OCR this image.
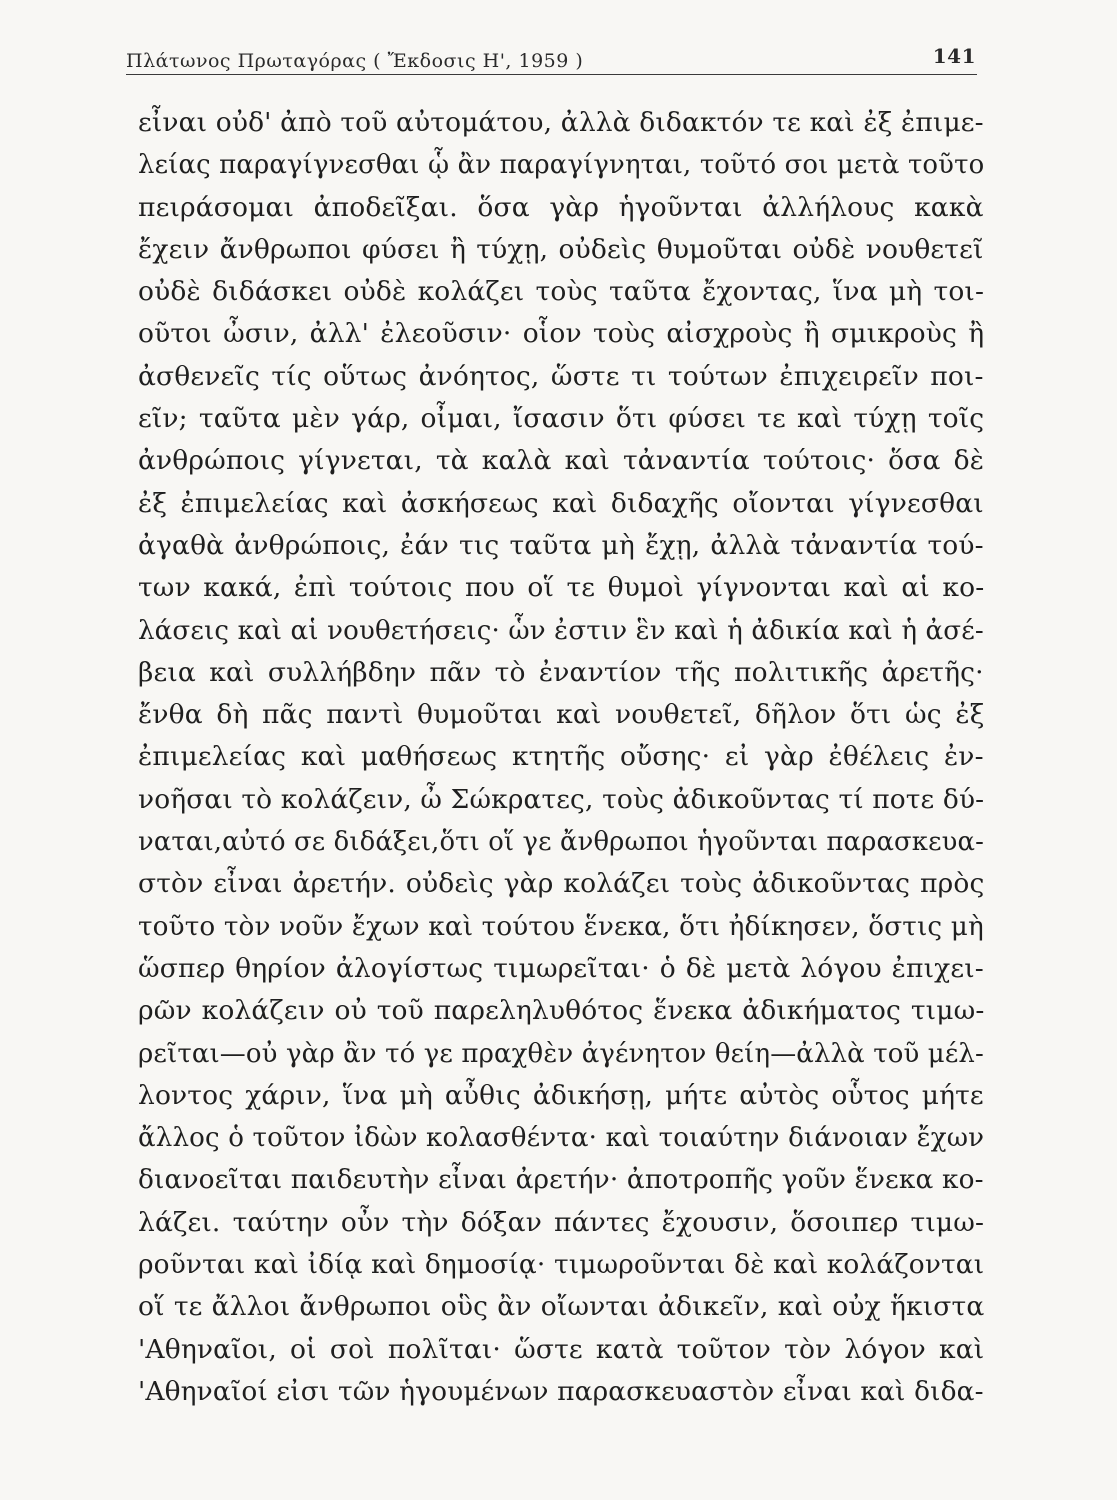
Πλάτωνος Πρωταγόρας ( Ἔκδοσις Η', 1959 )	141
εἶναι οὐδ' ἀπὸ τοῦ αὐτομάτου, ἀλλὰ διδακτόν τε καὶ ἐξ ἐπιμε-
λείας παραγίγνεσθαι ᾧ ἂν παραγίγνηται, τοῦτό σοι μετὰ τοῦτο
πειράσομαι ἀποδεῖξαι. ὅσα γὰρ ἡγοῦνται ἀλλήλους κακὰ
ἔχειν ἄνθρωποι φύσει ἢ τύχῃ, οὐδεὶς θυμοῦται οὐδὲ νουθετεῖ
οὐδὲ διδάσκει οὐδὲ κολάζει τοὺς ταῦτα ἔχοντας, ἵνα μὴ τοι-
οῦτοι ὦσιν, ἀλλ' ἐλεοῦσιν· οἷον τοὺς αἰσχροὺς ἢ σμικροὺς ἢ
ἀσθενεῖς τίς οὕτως ἀνόητος, ὥστε τι τούτων ἐπιχειρεῖν ποι-
εῖν; ταῦτα μὲν γάρ, οἶμαι, ἴσασιν ὅτι φύσει τε καὶ τύχῃ τοῖς
ἀνθρώποις γίγνεται, τὰ καλὰ καὶ τἀναντία τούτοις· ὅσα δὲ
ἐξ ἐπιμελείας καὶ ἀσκήσεως καὶ διδαχῆς οἴονται γίγνεσθαι
ἀγαθὰ ἀνθρώποις, ἐάν τις ταῦτα μὴ ἔχῃ, ἀλλὰ τἀναντία τού-
των κακά, ἐπὶ τούτοις που οἵ τε θυμοὶ γίγνονται καὶ αἱ κο-
λάσεις καὶ αἱ νουθετήσεις· ὧν ἐστιν ἓν καὶ ἡ ἀδικία καὶ ἡ ἀσέ-
βεια καὶ συλλήβδην πᾶν τὸ ἐναντίον τῆς πολιτικῆς ἀρετῆς·
ἔνθα δὴ πᾶς παντὶ θυμοῦται καὶ νουθετεῖ, δῆλον ὅτι ὡς ἐξ
ἐπιμελείας καὶ μαθήσεως κτητῆς οὔσης· εἰ γὰρ ἐθέλεις ἐν-
νοῆσαι τὸ κολάζειν, ὦ Σώκρατες, τοὺς ἀδικοῦντας τί ποτε δύ-
ναται,αὐτό σε διδάξει,ὅτι οἵ γε ἄνθρωποι ἡγοῦνται παρασκευα-
στὸν εἶναι ἀρετήν. οὐδεὶς γὰρ κολάζει τοὺς ἀδικοῦντας πρὸς
τοῦτο τὸν νοῦν ἔχων καὶ τούτου ἕνεκα, ὅτι ἠδίκησεν, ὅστις μὴ
ὥσπερ θηρίον ἀλογίστως τιμωρεῖται· ὁ δὲ μετὰ λόγου ἐπιχει-
ρῶν κολάζειν οὐ τοῦ παρεληλυθότος ἕνεκα ἀδικήματος τιμω-
ρεῖται—οὐ γὰρ ἂν τό γε πραχθὲν ἀγένητον θείη—ἀλλὰ τοῦ μέλ-
λοντος χάριν, ἵνα μὴ αὖθις ἀδικήσῃ, μήτε αὐτὸς οὗτος μήτε
ἄλλος ὁ τοῦτον ἰδὼν κολασθέντα· καὶ τοιαύτην διάνοιαν ἔχων
διανοεῖται παιδευτὴν εἶναι ἀρετήν· ἀποτροπῆς γοῦν ἕνεκα κο-
λάζει. ταύτην οὖν τὴν δόξαν πάντες ἔχουσιν, ὅσοιπερ τιμω-
ροῦνται καὶ ἰδίᾳ καὶ δημοσίᾳ· τιμωροῦνται δὲ καὶ κολάζονται
οἵ τε ἄλλοι ἄνθρωποι οὓς ἂν οἴωνται ἀδικεῖν, καὶ οὐχ ἥκιστα
'Αθηναῖοι, οἱ σοὶ πολῖται· ὥστε κατὰ τοῦτον τὸν λόγον καὶ
'Αθηναῖοί εἰσι τῶν ἡγουμένων παρασκευαστὸν εἶναι καὶ διδα-
